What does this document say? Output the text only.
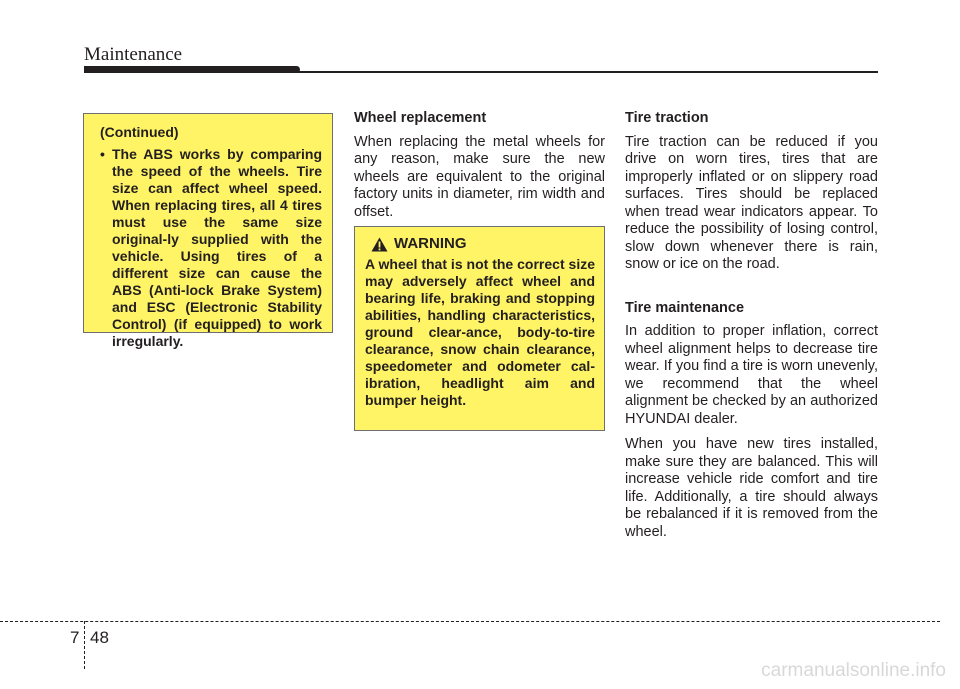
Maintenance
(Continued)
• The ABS works by comparing the speed of the wheels. Tire size can affect wheel speed. When replacing tires, all 4 tires must use the same size original-ly supplied with the vehicle. Using tires of a different size can cause the ABS (Anti-lock Brake System) and ESC (Electronic Stability Control) (if equipped) to work irregularly.

Wheel replacement

When replacing the metal wheels for any reason, make sure the new wheels are equivalent to the original factory units in diameter, rim width and offset.

WARNING
A wheel that is not the correct size may adversely affect wheel and bearing life, braking and stopping abilities, handling characteristics, ground clear-ance, body-to-tire clearance, snow chain clearance, speedometer and odometer cal-ibration, headlight aim and bumper height.

Tire traction

Tire traction can be reduced if you drive on worn tires, tires that are improperly inflated or on slippery road surfaces. Tires should be replaced when tread wear indicators appear. To reduce the possibility of losing control, slow down whenever there is rain, snow or ice on the road.

Tire maintenance

In addition to proper inflation, correct wheel alignment helps to decrease tire wear. If you find a tire is worn unevenly, we recommend that the wheel alignment be checked by an authorized HYUNDAI dealer.

When you have new tires installed, make sure they are balanced. This will increase vehicle ride comfort and tire life. Additionally, a tire should always be rebalanced if it is removed from the wheel.

7 48
carmanualsonline.info
